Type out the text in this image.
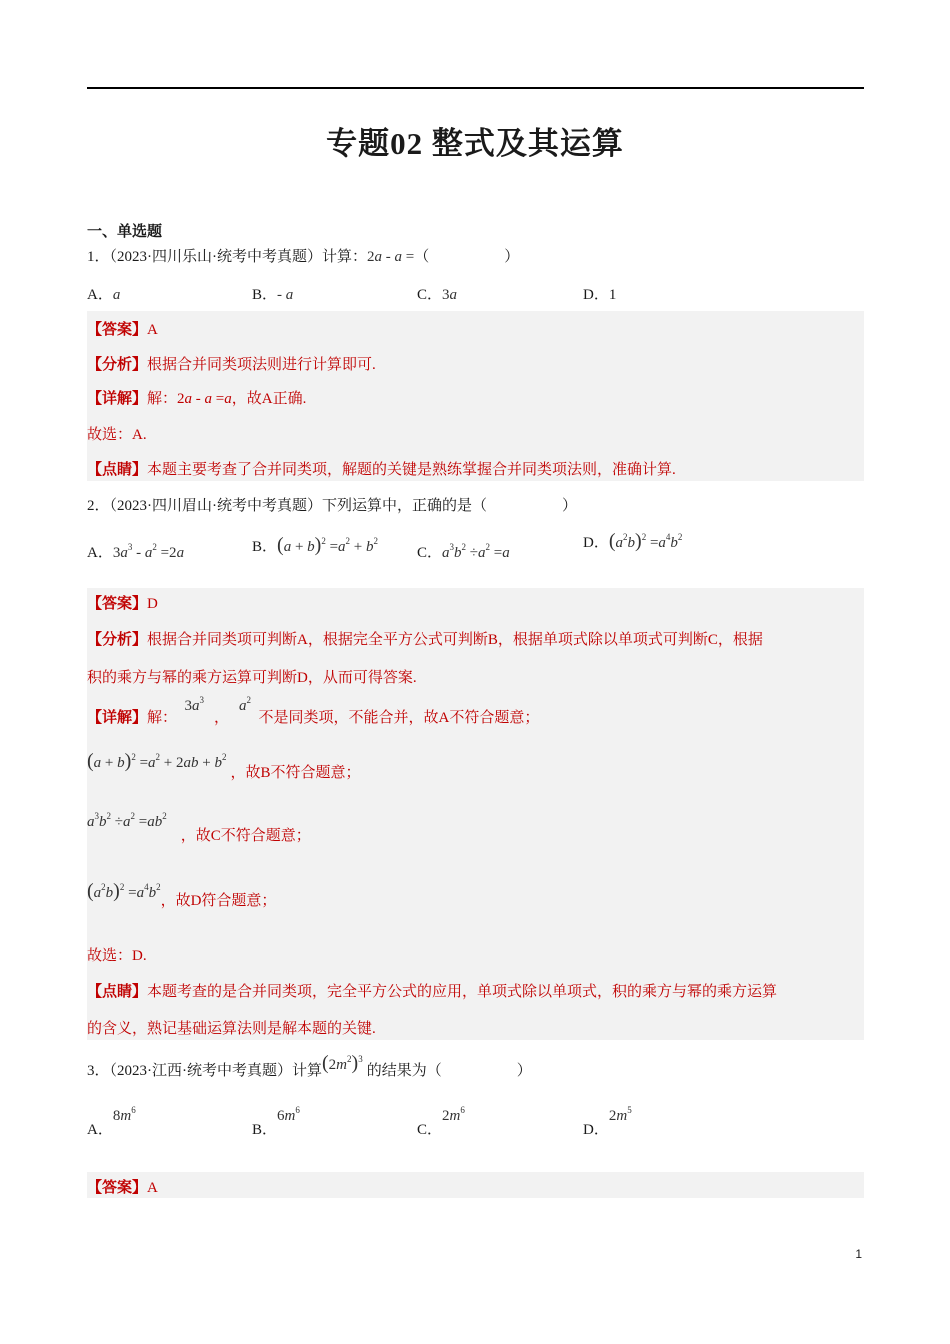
专题02 整式及其运算
一、单选题
1．（2023·四川乐山·统考中考真题）计算：2a - a =（　　　　　）
A．a	B．- a	C．3a	D．1
【答案】A
【分析】根据合并同类项法则进行计算即可.
【详解】解：2a - a =a，故A正确.
故选：A.
【点睛】本题主要考查了合并同类项，解题的关键是熟练掌握合并同类项法则，准确计算.
2．（2023·四川眉山·统考中考真题）下列运算中，正确的是（　　　　　）
A．$3a^3 - a^2 =2a$	B．$(a + b)^2 =a^2 + b^2$
C．$a^3b^2 \div a^2 =a$
D．$(a^2b)^2 =a^4b^2$
【答案】D
【分析】根据合并同类项可判断A，根据完全平方公式可判断B，根据单项式除以单项式可判断C，根据
积的乘方与幂的乘方运算可判断D，从而可得答案.
【详解】解：  $3a^3$，$a^2$  不是同类项，不能合并，故A不符合题意；
$(a + b)^2 =a^2 + 2ab + b^2$，故B不符合题意；
$a^3b^2 \div a^2 =ab^2$，故C不符合题意；
$(a^2b)^2 =a^4b^2$，故D符合题意；
故选：D.
【点睛】本题考查的是合并同类项，完全平方公式的应用，单项式除以单项式，积的乘方与幂的乘方运算
的含义，熟记基础运算法则是解本题的关键.
3．（2023·江西·统考中考真题）计算$(2m^2)^3$的结果为（　　　　　）
A．$8m^6$
B．$6m^6$
C．$2m^6$
D．$2m^5$
【答案】A
1
